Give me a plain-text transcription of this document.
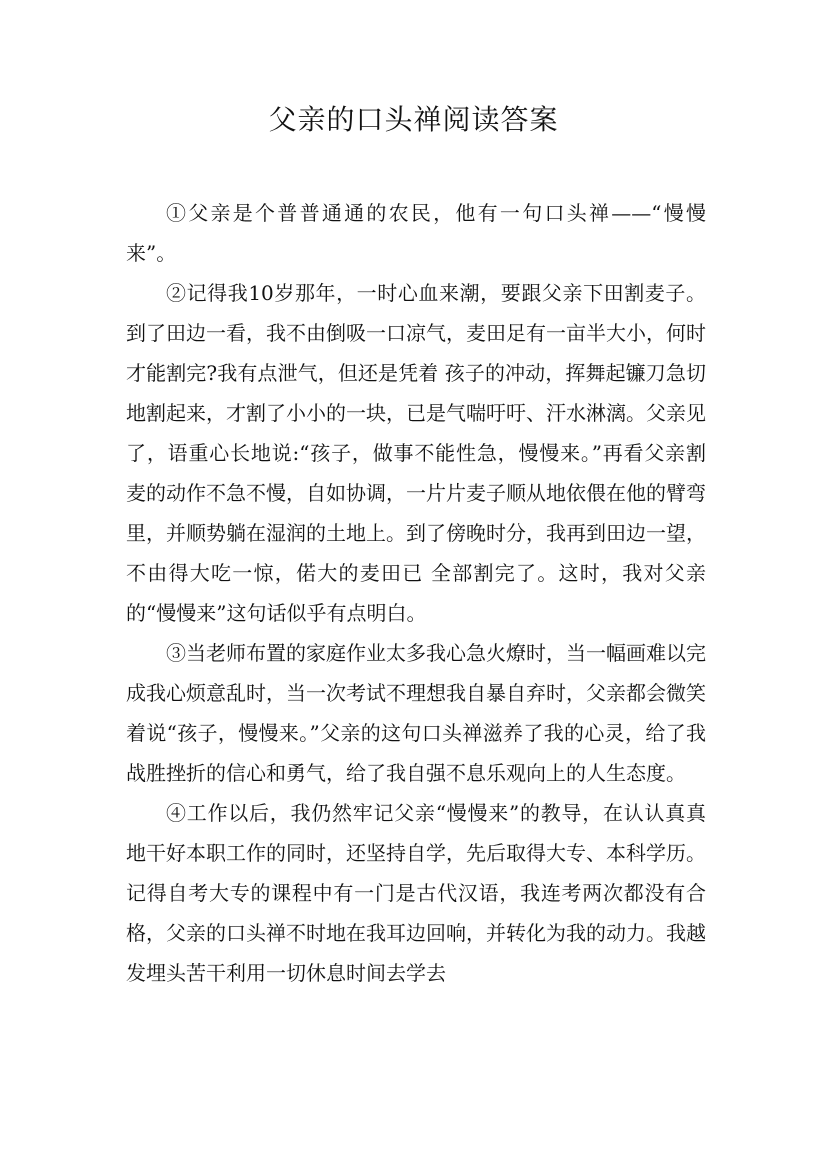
父亲的口头禅阅读答案

①父亲是个普普通通的农民，他有一句口头禅——“慢慢来”。

②记得我10岁那年，一时心血来潮，要跟父亲下田割麦子。到了田边一看，我不由倒吸一口凉气，麦田足有一亩半大小，何时才能割完?我有点泄气，但还是凭着 孩子的冲动，挥舞起镰刀急切地割起来，才割了小小的一块，已是气喘吁吁、汗水淋漓。父亲见了，语重心长地说:“孩子，做事不能性急，慢慢来。”再看父亲割 麦的动作不急不慢，自如协调，一片片麦子顺从地依偎在他的臂弯里，并顺势躺在湿润的土地上。到了傍晚时分，我再到田边一望，不由得大吃一惊，偌大的麦田已 全部割完了。这时，我对父亲的“慢慢来”这句话似乎有点明白。

③当老师布置的家庭作业太多我心急火燎时，当一幅画难以完成我心烦意乱时，当一次考试不理想我自暴自弃时，父亲都会微笑着说“孩子，慢慢来。”父亲的这句口头禅滋养了我的心灵，给了我战胜挫折的信心和勇气，给了我自强不息乐观向上的人生态度。

④工作以后，我仍然牢记父亲“慢慢来”的教导，在认认真真地干好本职工作的同时，还坚持自学，先后取得大专、本科学历。记得自考大专的课程中有一门是古代汉语，我连考两次都没有合格，父亲的口头禅不时地在我耳边回响，并转化为我的动力。我越发埋头苦干利用一切休息时间去学去
